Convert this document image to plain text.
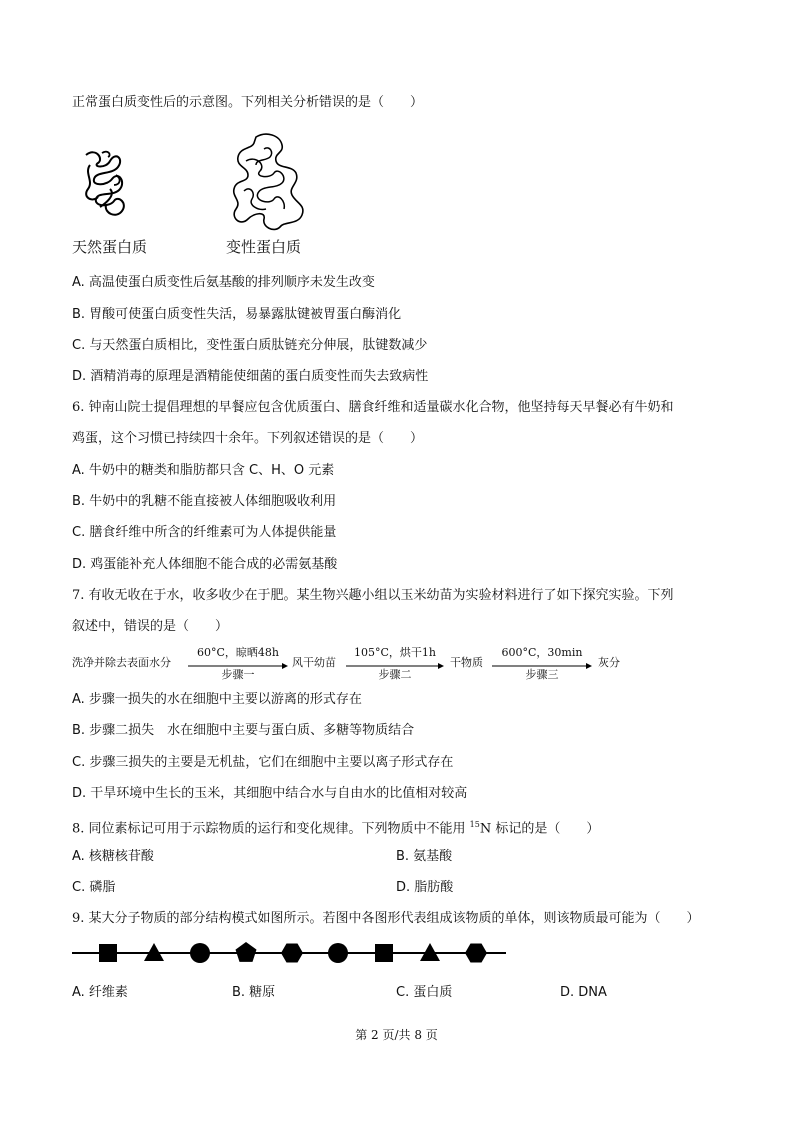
正常蛋白质变性后的示意图。下列相关分析错误的是（　　）
天然蛋白质	变性蛋白质
A. 高温使蛋白质变性后氨基酸的排列顺序未发生改变
B. 胃酸可使蛋白质变性失活，易暴露肽键被胃蛋白酶消化
C. 与天然蛋白质相比，变性蛋白质肽链充分伸展，肽键数减少
D. 酒精消毒的原理是酒精能使细菌的蛋白质变性而失去致病性
6. 钟南山院士提倡理想的早餐应包含优质蛋白、膳食纤维和适量碳水化合物，他坚持每天早餐必有牛奶和
鸡蛋，这个习惯已持续四十余年。下列叙述错误的是（　　）
A. 牛奶中的糖类和脂肪都只含 C、H、O 元素
B. 牛奶中的乳糖不能直接被人体细胞吸收利用
C. 膳食纤维中所含的纤维素可为人体提供能量
D. 鸡蛋能补充人体细胞不能合成的必需氨基酸
7. 有收无收在于水，收多收少在于肥。某生物兴趣小组以玉米幼苗为实验材料进行了如下探究实验。下列
叙述中，错误的是（　　）
洗净并除去表面水分
60°C，晾晒48h
步骤一
风干幼苗
105°C，烘干1h
步骤二
干物质
600°C，30min
步骤三
灰分
A. 步骤一损失的水在细胞中主要以游离的形式存在
B. 步骤二损失　水在细胞中主要与蛋白质、多糖等物质结合
C. 步骤三损失的主要是无机盐，它们在细胞中主要以离子形式存在
D. 干旱环境中生长的玉米，其细胞中结合水与自由水的比值相对较高
8. 同位素标记可用于示踪物质的运行和变化规律。下列物质中不能用 $^{15}$N 标记的是（　　）
A. 核糖核苷酸	B. 氨基酸
C. 磷脂	D. 脂肪酸
9. 某大分子物质的部分结构模式如图所示。若图中各图形代表组成该物质的单体，则该物质最可能为（　　）
A. 纤维素	B. 糖原	C. 蛋白质	D. DNA
第 2 页/共 8 页
